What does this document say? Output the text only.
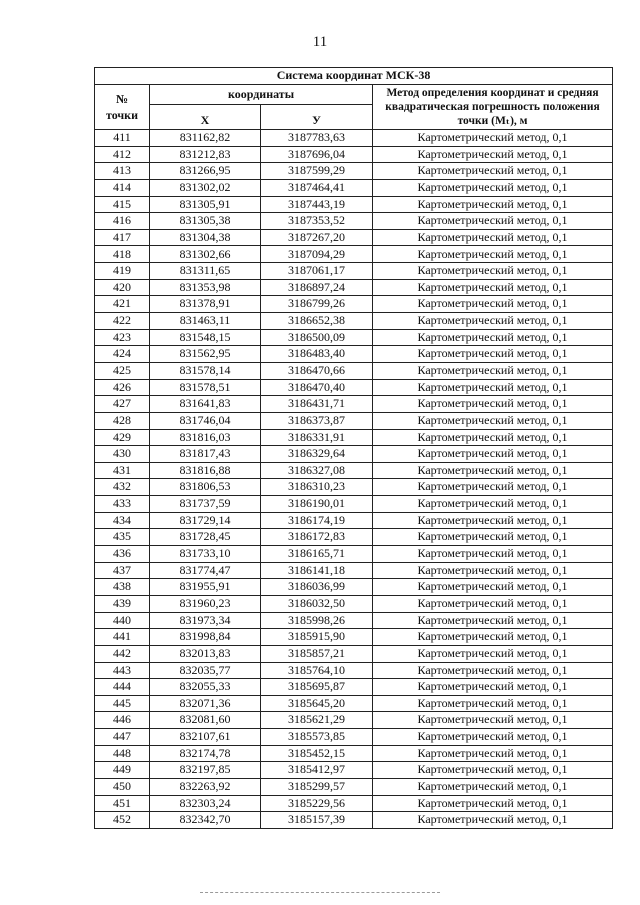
11
Система координат МСК-38			
№
точки	координаты		Метод определения координат и средняя квадратическая погрешность положения точки (Mₜ), м
	X	У	
411	831162,82	3187783,63	Картометрический метод, 0,1
412	831212,83	3187696,04	Картометрический метод, 0,1
413	831266,95	3187599,29	Картометрический метод, 0,1
414	831302,02	3187464,41	Картометрический метод, 0,1
415	831305,91	3187443,19	Картометрический метод, 0,1
416	831305,38	3187353,52	Картометрический метод, 0,1
417	831304,38	3187267,20	Картометрический метод, 0,1
418	831302,66	3187094,29	Картометрический метод, 0,1
419	831311,65	3187061,17	Картометрический метод, 0,1
420	831353,98	3186897,24	Картометрический метод, 0,1
421	831378,91	3186799,26	Картометрический метод, 0,1
422	831463,11	3186652,38	Картометрический метод, 0,1
423	831548,15	3186500,09	Картометрический метод, 0,1
424	831562,95	3186483,40	Картометрический метод, 0,1
425	831578,14	3186470,66	Картометрический метод, 0,1
426	831578,51	3186470,40	Картометрический метод, 0,1
427	831641,83	3186431,71	Картометрический метод, 0,1
428	831746,04	3186373,87	Картометрический метод, 0,1
429	831816,03	3186331,91	Картометрический метод, 0,1
430	831817,43	3186329,64	Картометрический метод, 0,1
431	831816,88	3186327,08	Картометрический метод, 0,1
432	831806,53	3186310,23	Картометрический метод, 0,1
433	831737,59	3186190,01	Картометрический метод, 0,1
434	831729,14	3186174,19	Картометрический метод, 0,1
435	831728,45	3186172,83	Картометрический метод, 0,1
436	831733,10	3186165,71	Картометрический метод, 0,1
437	831774,47	3186141,18	Картометрический метод, 0,1
438	831955,91	3186036,99	Картометрический метод, 0,1
439	831960,23	3186032,50	Картометрический метод, 0,1
440	831973,34	3185998,26	Картометрический метод, 0,1
441	831998,84	3185915,90	Картометрический метод, 0,1
442	832013,83	3185857,21	Картометрический метод, 0,1
443	832035,77	3185764,10	Картометрический метод, 0,1
444	832055,33	3185695,87	Картометрический метод, 0,1
445	832071,36	3185645,20	Картометрический метод, 0,1
446	832081,60	3185621,29	Картометрический метод, 0,1
447	832107,61	3185573,85	Картометрический метод, 0,1
448	832174,78	3185452,15	Картометрический метод, 0,1
449	832197,85	3185412,97	Картометрический метод, 0,1
450	832263,92	3185299,57	Картометрический метод, 0,1
451	832303,24	3185229,56	Картометрический метод, 0,1
452	832342,70	3185157,39	Картометрический метод, 0,1
